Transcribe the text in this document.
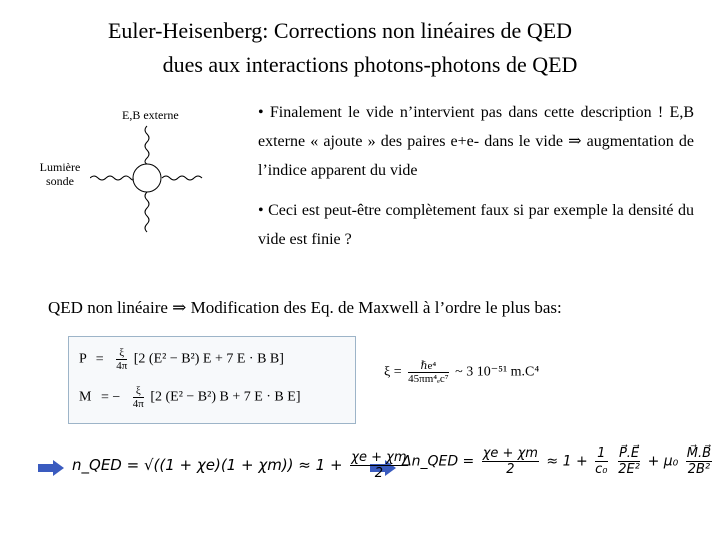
Euler-Heisenberg: Corrections non linéaires de QED
dues aux interactions photons-photons de QED
E,B externe
Lumière
sonde
• Finalement le vide n’intervient pas dans cette description ! E,B externe « ajoute » des paires e+e- dans le vide ⇒ augmentation de l’indice apparent du vide
• Ceci est peut-être complètement faux si par exemple la densité du vide est finie ?
QED non linéaire ⇒ Modification des Eq. de Maxwell à l’ordre le plus bas:
$P = \frac{\xi}{4\pi} [2$ (E² − B²) E + 7 E · B B]
M = − $\frac{\xi}{4\pi} [2$ (E² − B²) B + 7 E · B E]
$\xi = \frac{\text{ℏe⁴}}{\text{45πm⁴ₑc⁷}}$ ~ 3 10⁻⁵¹ m.C⁴
n_QED = $√((1 + \chi e)(1 + \chi m)) \approx 1 + \frac{\chi e + \chi m}{2}$
Δn_QED = $\frac{\chi e + \chi m}{2} \approx 1 + \frac{1}{\text{c₀}}$
$\frac{P⃗.E⃗}{\text{2E²}} + \mu_0 \frac{M⃗.B⃗}{\text{2B²}}$
